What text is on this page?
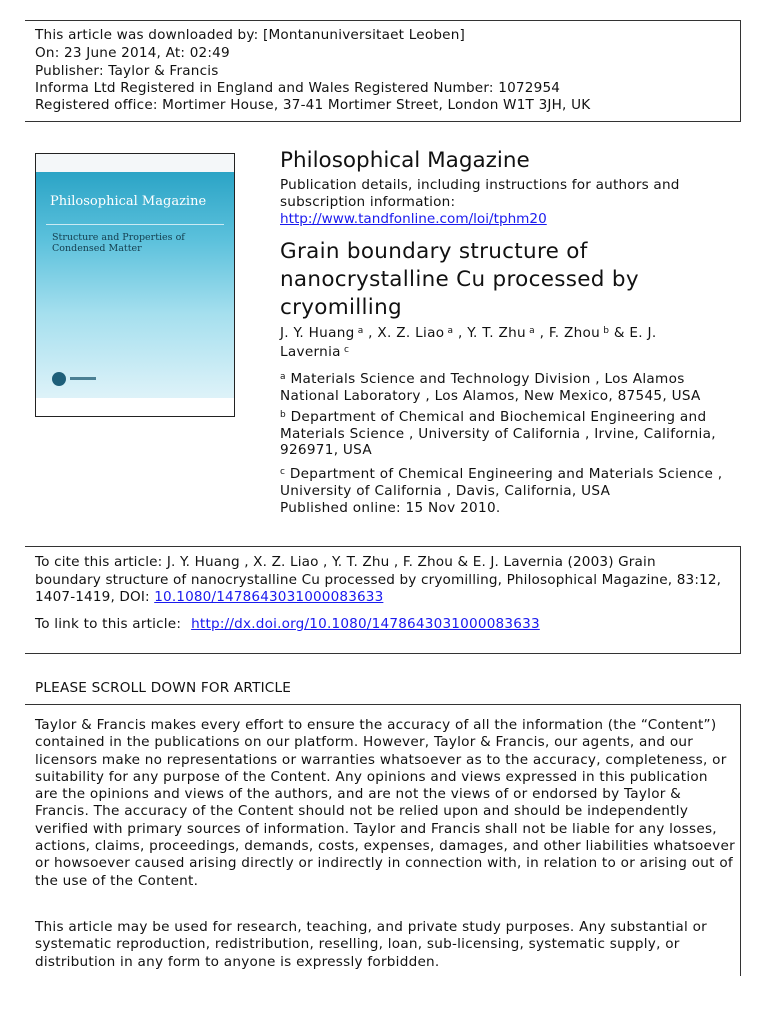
This article was downloaded by: [Montanuniversitaet Leoben]
On: 23 June 2014, At: 02:49
Publisher: Taylor & Francis
Informa Ltd Registered in England and Wales Registered Number: 1072954
Registered office: Mortimer House, 37-41 Mortimer Street, London W1T 3JH, UK
Philosophical Magazine
Structure and Properties of Condensed Matter
Philosophical Magazine
Publication details, including instructions for authors and subscription information:
http://www.tandfonline.com/loi/tphm20
Grain boundary structure of nanocrystalline Cu processed by cryomilling
J. Y. Huang $^a$ , X. Z. Liao $^a$ , Y. T. Zhu $^a$ , F. Zhou $^b$ & E. J. Lavernia $^c$
$^a$ Materials Science and Technology Division , Los Alamos National Laboratory , Los Alamos, New Mexico, 87545, USA
$^b$ Department of Chemical and Biochemical Engineering and Materials Science , University of California , Irvine, California, 926971, USA
$^c$ Department of Chemical Engineering and Materials Science , University of California , Davis, California, USA
Published online: 15 Nov 2010.
To cite this article: J. Y. Huang , X. Z. Liao , Y. T. Zhu , F. Zhou & E. J. Lavernia (2003) Grain boundary structure of nanocrystalline Cu processed by cryomilling, Philosophical Magazine, 83:12, 1407-1419, DOI: 10.1080/1478643031000083633
To link to this article: http://dx.doi.org/10.1080/1478643031000083633
PLEASE SCROLL DOWN FOR ARTICLE
Taylor & Francis makes every effort to ensure the accuracy of all the information (the “Content”) contained in the publications on our platform. However, Taylor & Francis, our agents, and our licensors make no representations or warranties whatsoever as to the accuracy, completeness, or suitability for any purpose of the Content. Any opinions and views expressed in this publication are the opinions and views of the authors, and are not the views of or endorsed by Taylor & Francis. The accuracy of the Content should not be relied upon and should be independently verified with primary sources of information. Taylor and Francis shall not be liable for any losses, actions, claims, proceedings, demands, costs, expenses, damages, and other liabilities whatsoever or howsoever caused arising directly or indirectly in connection with, in relation to or arising out of the use of the Content.
This article may be used for research, teaching, and private study purposes. Any substantial or systematic reproduction, redistribution, reselling, loan, sub-licensing, systematic supply, or distribution in any form to anyone is expressly forbidden.
